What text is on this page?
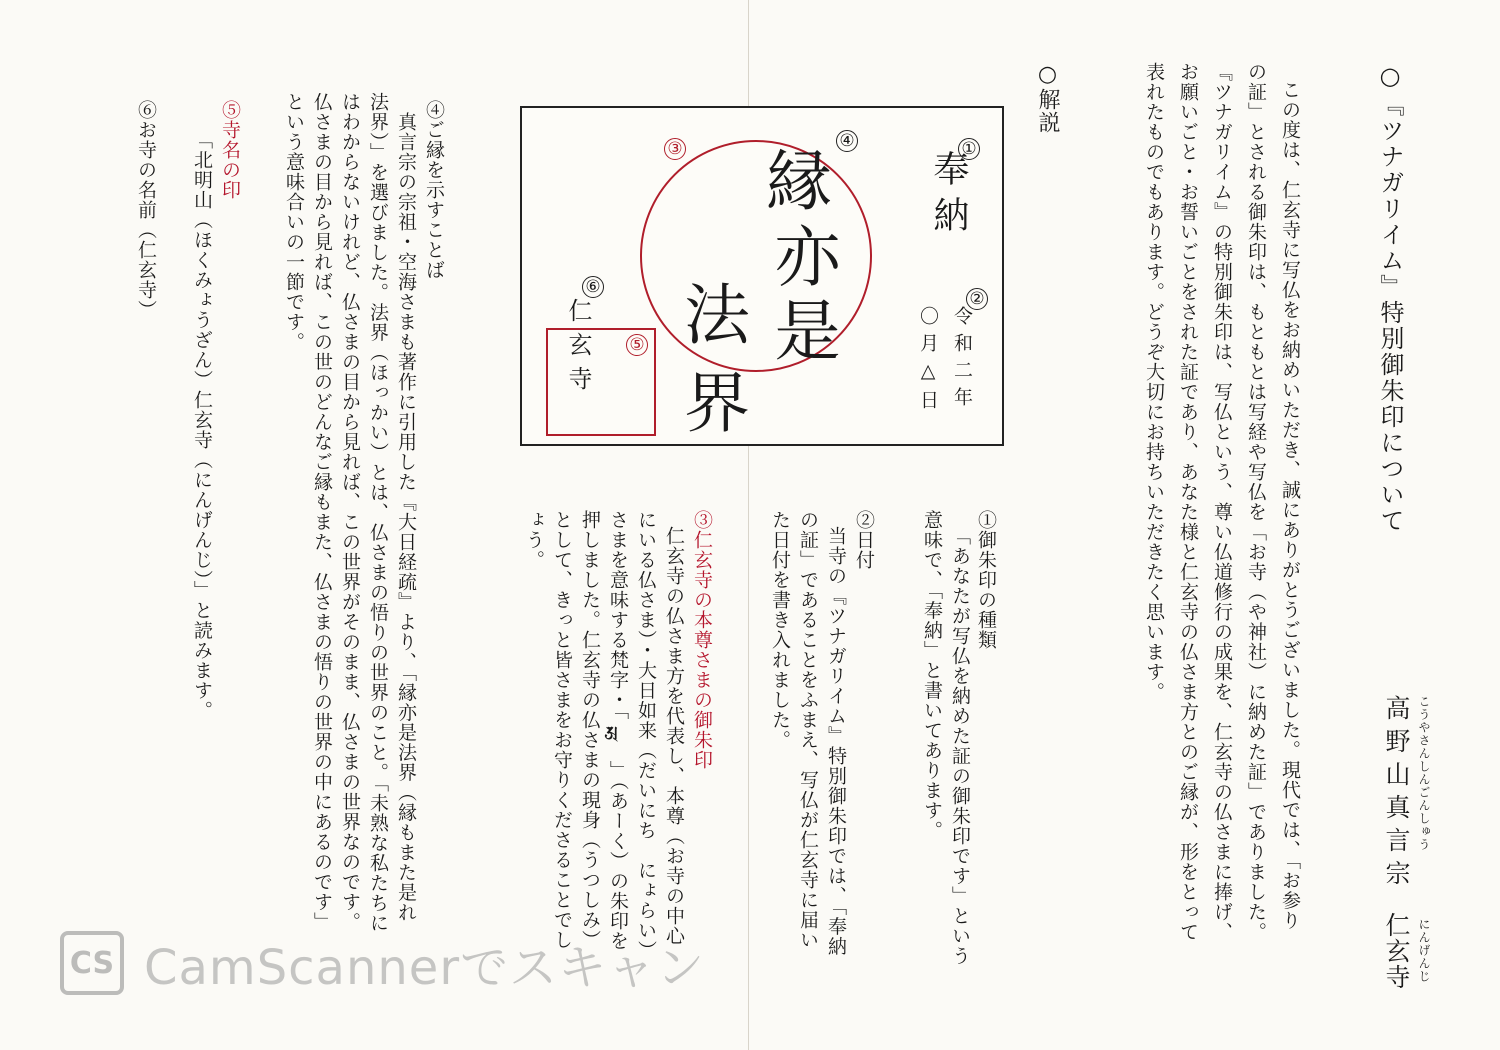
○『ツナガリイム』特別御朱印について
こうやさんしんごんしゅう
高野山真言宗
にんげんじ
仁玄寺
この度は、仁玄寺に写仏をお納めいただき、誠にありがとうございました。現代では、「お参り
の証」とされる御朱印は、もともとは写経や写仏を「お寺（や神社）に納めた証」でありました。
『ツナガリイム』の特別御朱印は、写仏という、尊い仏道修行の成果を、仁玄寺の仏さまに捧げ、
お願いごと・お誓いごとをされた証であり、あなた様と仁玄寺の仏さま方とのご縁が、形をとって
表れたものでもあります。どうぞ大切にお持ちいただきたく思います。
○解説
奉納
①
令和二年
〇月△日
②
縁
亦是
法
界
④
③
仁玄寺
⑥
⑤
①御朱印の種類
「あなたが写仏を納めた証の御朱印です」という
意味で、「奉納」と書いてあります。
②日付
当寺の『ツナガリイム』特別御朱印では、「奉納
の証」であることをふまえ、写仏が仁玄寺に届い
た日付を書き入れました。
③仁玄寺の本尊さまの御朱印
仁玄寺の仏さま方を代表し、本尊（お寺の中心
にいる仏さま）・大日如来（だいにち　にょらい）
さまを意味する梵字・「𑖀」（あーく）の朱印を
押しました。仁玄寺の仏さまの現身（うつしみ）
として、きっと皆さまをお守りくださることでし
ょう。
④ご縁を示すことば
真言宗の宗祖・空海さまも著作に引用した『大日経疏』より、「縁亦是法界（縁もまた是れ
法界）」を選びました。法界（ほっかい）とは、仏さまの悟りの世界のこと。「未熟な私たちに
はわからないけれど、仏さまの目から見れば、この世界がそのまま、仏さまの世界なのです。
仏さまの目から見れば、この世のどんなご縁もまた、仏さまの悟りの世界の中にあるのです」
という意味合いの一節です。
⑤寺名の印
「北明山（ほくみょうざん）仁玄寺（にんげんじ）」と読みます。
⑥お寺の名前（仁玄寺）
CS CamScannerでスキャン
